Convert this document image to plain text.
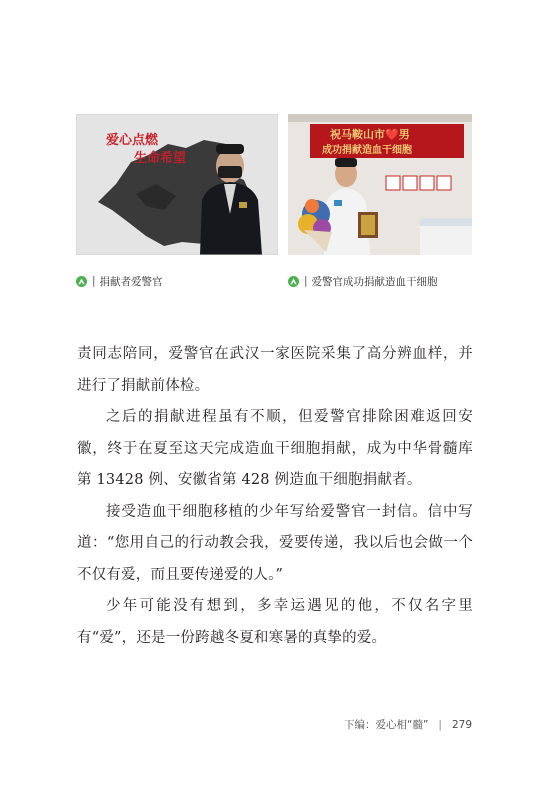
爱心点燃
生命希望
祝马鞍山市❤️男
成功捐献造血干细胞
| 捐献者爱警官	| 爱警官成功捐献造血干细胞

责同志陪同，爱警官在武汉一家医院采集了高分辨血样，并进行了捐献前体检。

之后的捐献进程虽有不顺，但爱警官排除困难返回安徽，终于在夏至这天完成造血干细胞捐献，成为中华骨髓库第 13428 例、安徽省第 428 例造血干细胞捐献者。

接受造血干细胞移植的少年写给爱警官一封信。信中写道：“您用自己的行动教会我，爱要传递，我以后也会做一个不仅有爱，而且要传递爱的人。”

少年可能没有想到，多幸运遇见的他，不仅名字里有“爱”，还是一份跨越冬夏和寒暑的真挚的爱。

下编：爱心相“髓” | 279
